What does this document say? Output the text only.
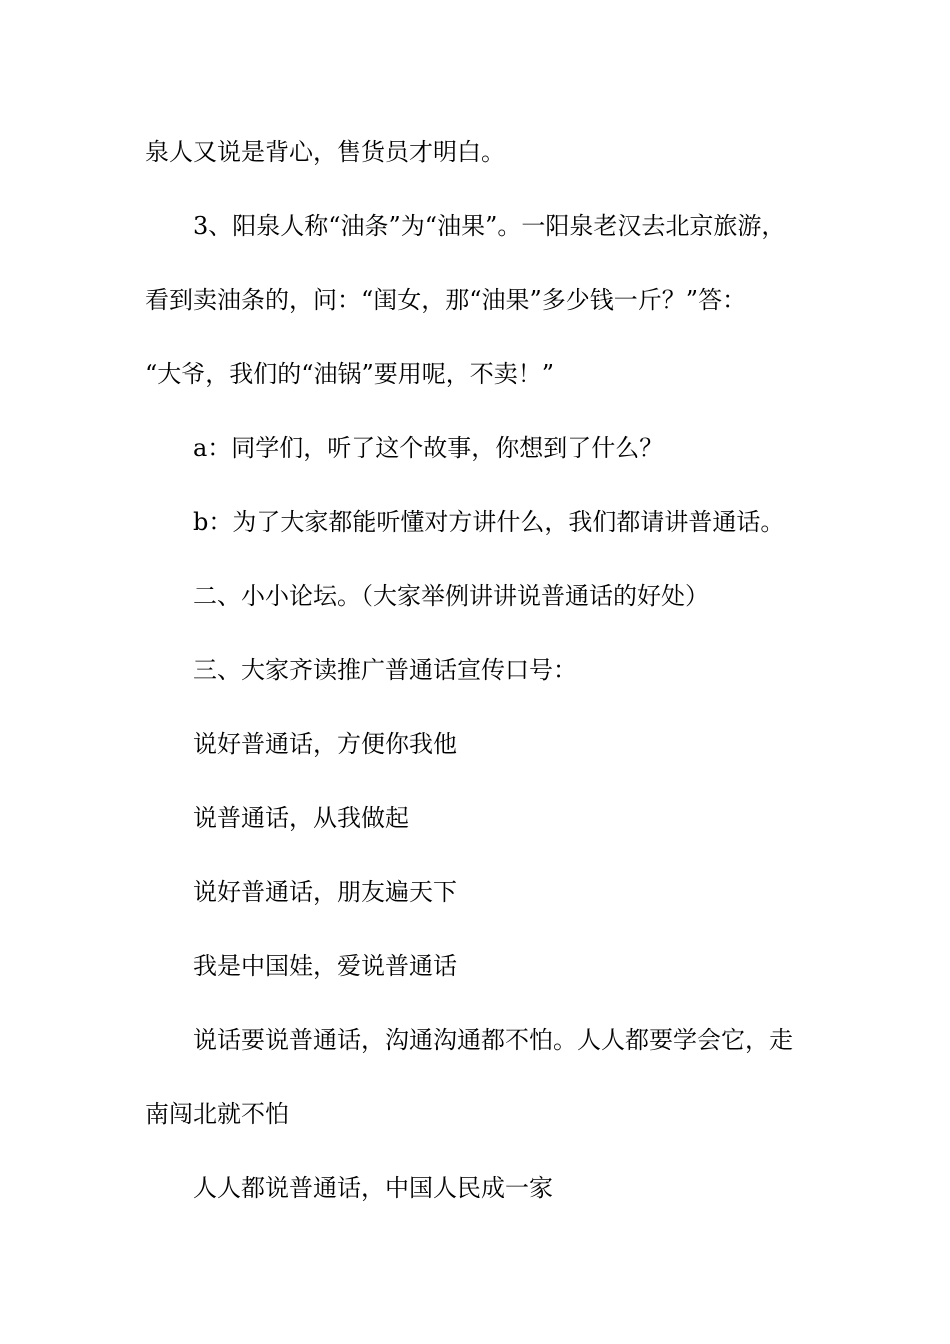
泉人又说是背心，售货员才明白。
3、阳泉人称“油条”为“油果”。一阳泉老汉去北京旅游，
看到卖油条的，问：“闺女，那“油果”多少钱一斤？”答：
“大爷，我们的“油锅”要用呢，不卖！”
a：同学们，听了这个故事，你想到了什么？
b：为了大家都能听懂对方讲什么，我们都请讲普通话。
二、小小论坛。（大家举例讲讲说普通话的好处）
三、大家齐读推广普通话宣传口号：
说好普通话，方便你我他
说普通话，从我做起
说好普通话，朋友遍天下
我是中国娃，爱说普通话
说话要说普通话，沟通沟通都不怕。人人都要学会它，走
南闯北就不怕
人人都说普通话，中国人民成一家
